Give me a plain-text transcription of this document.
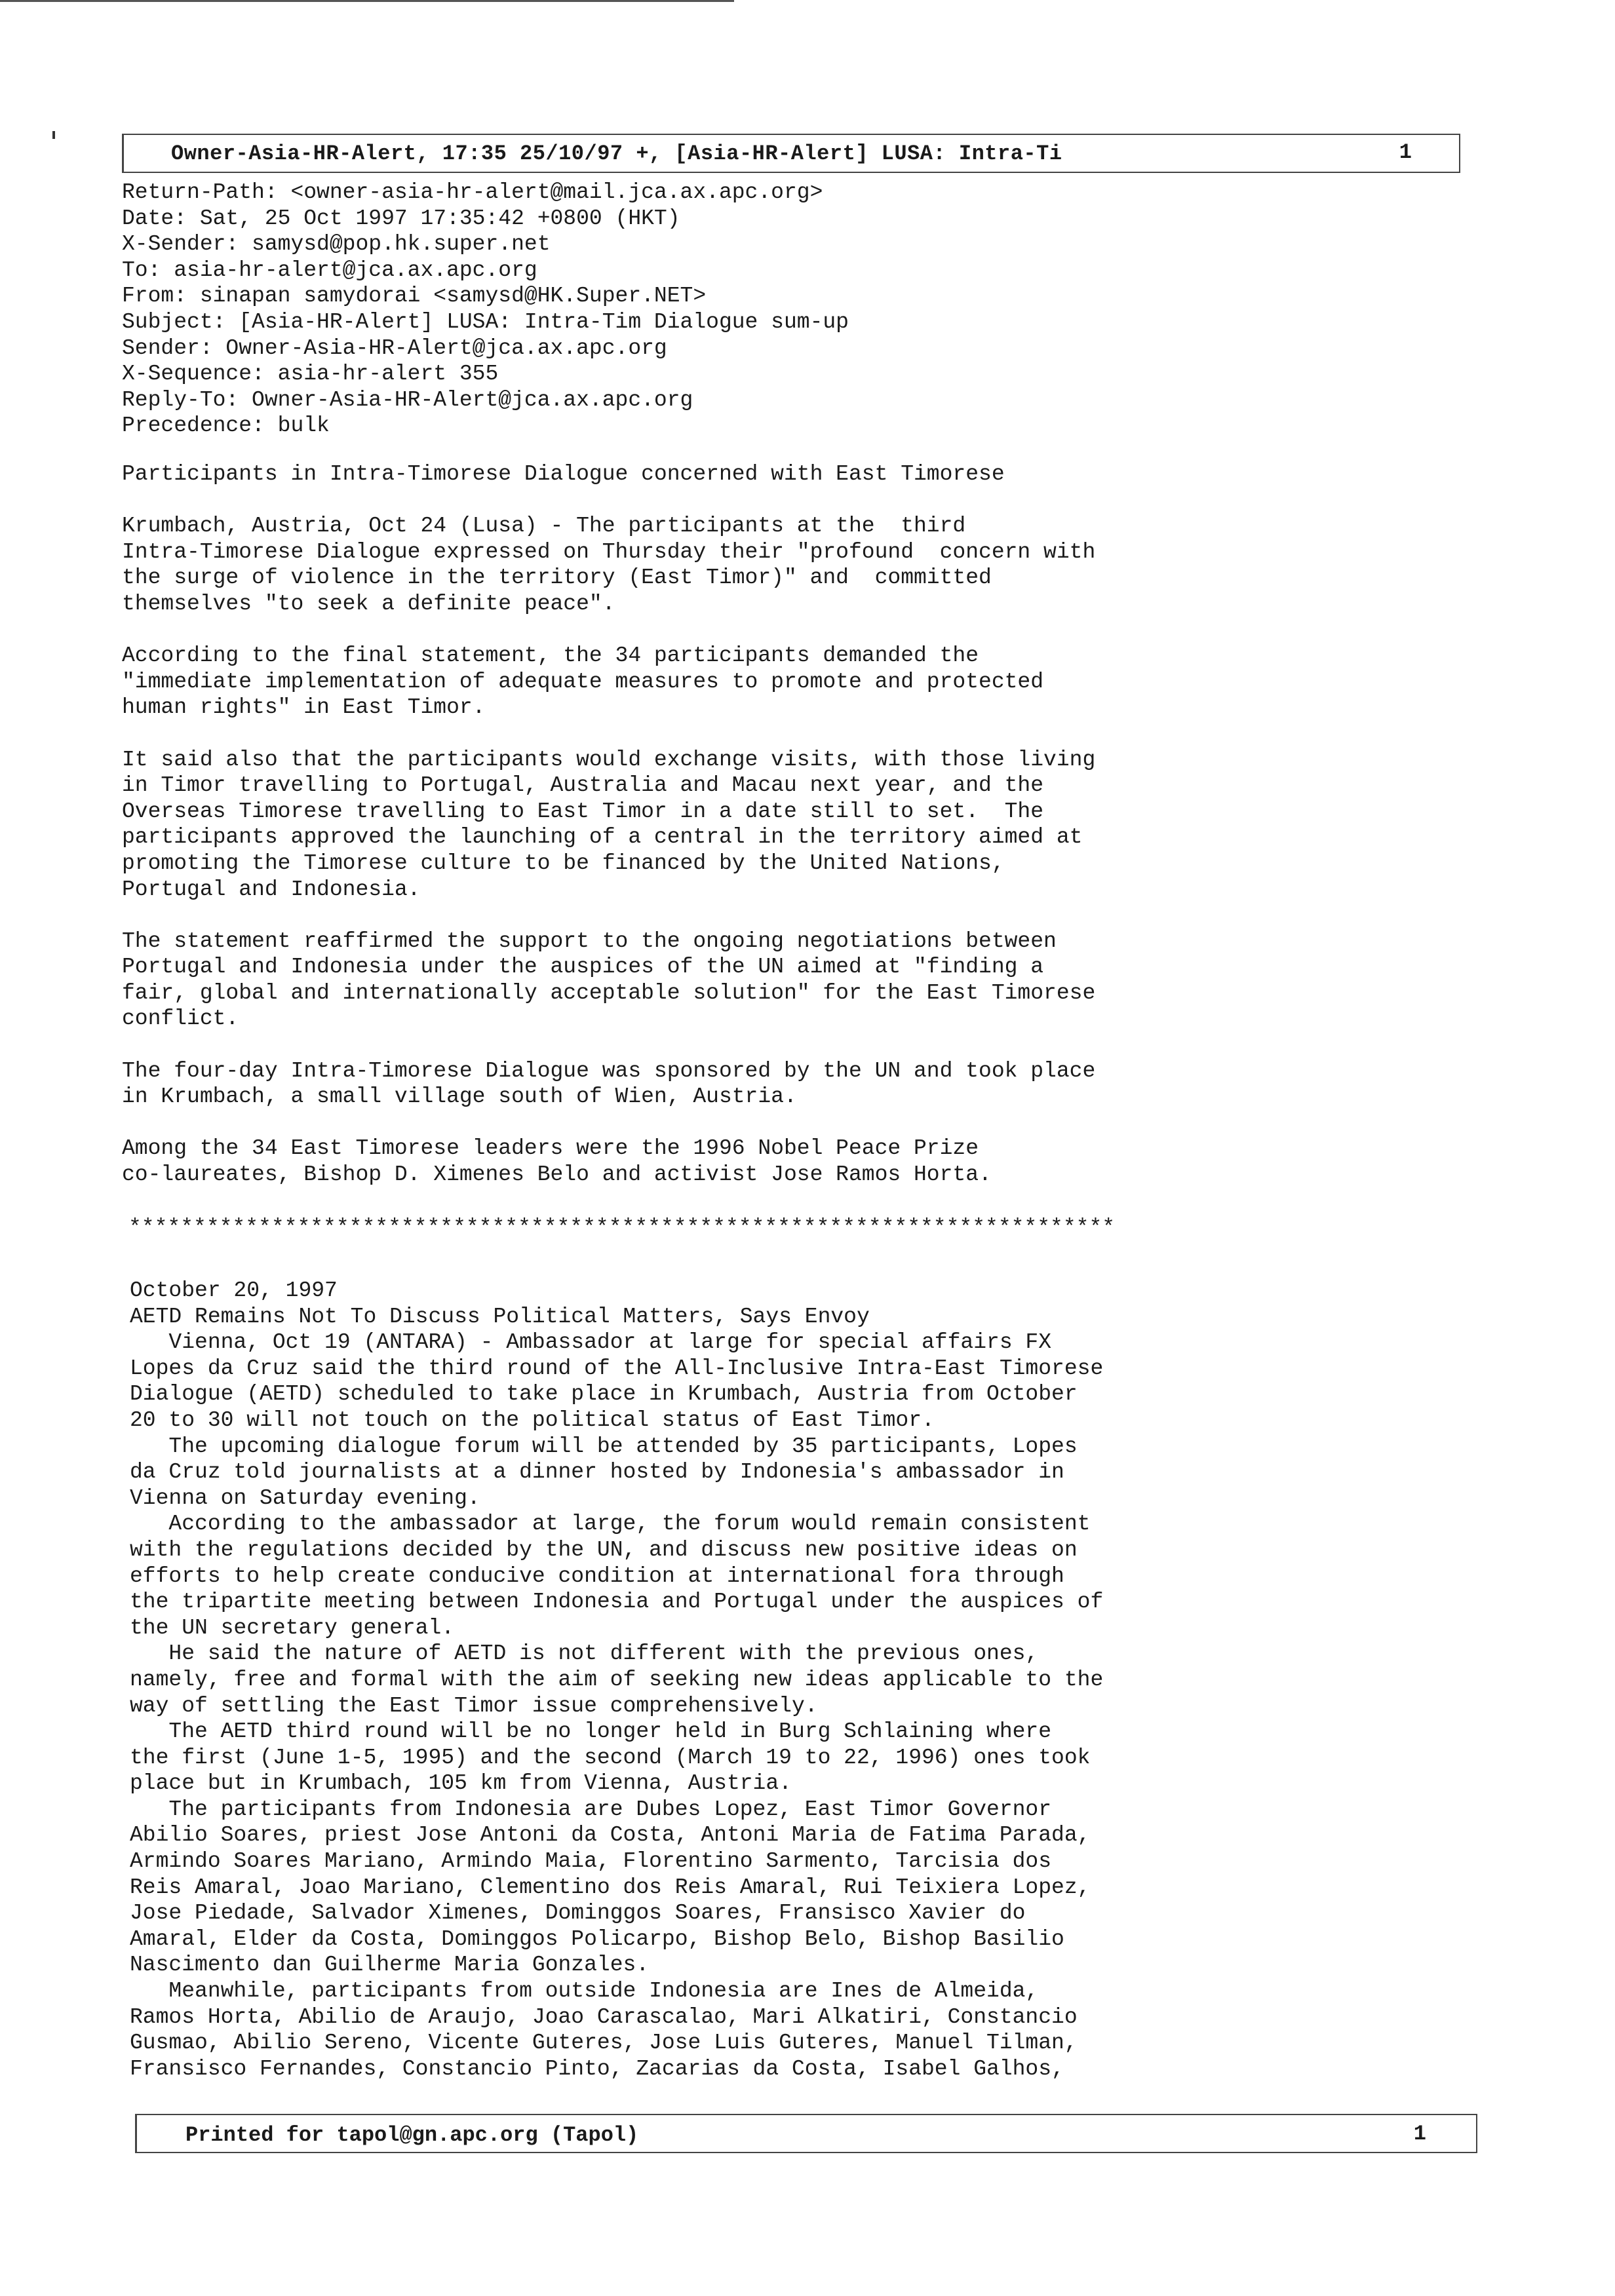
Owner-Asia-HR-Alert, 17:35 25/10/97 +, [Asia-HR-Alert] LUSA: Intra-Ti	1
Return-Path: <owner-asia-hr-alert@mail.jca.ax.apc.org>
Date: Sat, 25 Oct 1997 17:35:42 +0800 (HKT)
X-Sender: samysd@pop.hk.super.net
To: asia-hr-alert@jca.ax.apc.org
From: sinapan samydorai <samysd@HK.Super.NET>
Subject: [Asia-HR-Alert] LUSA: Intra-Tim Dialogue sum-up
Sender: Owner-Asia-HR-Alert@jca.ax.apc.org
X-Sequence: asia-hr-alert 355
Reply-To: Owner-Asia-HR-Alert@jca.ax.apc.org
Precedence: bulk
Participants in Intra-Timorese Dialogue concerned with East Timorese
Krumbach, Austria, Oct 24 (Lusa) - The participants at the  third
Intra-Timorese Dialogue expressed on Thursday their "profound  concern with
the surge of violence in the territory (East Timor)" and  committed
themselves "to seek a definite peace".
According to the final statement, the 34 participants demanded the
"immediate implementation of adequate measures to promote and protected
human rights" in East Timor.
It said also that the participants would exchange visits, with those living
in Timor travelling to Portugal, Australia and Macau next year, and the
Overseas Timorese travelling to East Timor in a date still to set.  The
participants approved the launching of a central in the territory aimed at
promoting the Timorese culture to be financed by the United Nations,
Portugal and Indonesia.
The statement reaffirmed the support to the ongoing negotiations between
Portugal and Indonesia under the auspices of the UN aimed at "finding a
fair, global and internationally acceptable solution" for the East Timorese
conflict.
The four-day Intra-Timorese Dialogue was sponsored by the UN and took place
in Krumbach, a small village south of Wien, Austria.
Among the 34 East Timorese leaders were the 1996 Nobel Peace Prize
co-laureates, Bishop D. Ximenes Belo and activist Jose Ramos Horta.
****************************************************************************
October 20, 1997
AETD Remains Not To Discuss Political Matters, Says Envoy
Vienna, Oct 19 (ANTARA) - Ambassador at large for special affairs FX
Lopes da Cruz said the third round of the All-Inclusive Intra-East Timorese
Dialogue (AETD) scheduled to take place in Krumbach, Austria from October
20 to 30 will not touch on the political status of East Timor.
The upcoming dialogue forum will be attended by 35 participants, Lopes
da Cruz told journalists at a dinner hosted by Indonesia's ambassador in
Vienna on Saturday evening.
According to the ambassador at large, the forum would remain consistent
with the regulations decided by the UN, and discuss new positive ideas on
efforts to help create conducive condition at international fora through
the tripartite meeting between Indonesia and Portugal under the auspices of
the UN secretary general.
He said the nature of AETD is not different with the previous ones,
namely, free and formal with the aim of seeking new ideas applicable to the
way of settling the East Timor issue comprehensively.
The AETD third round will be no longer held in Burg Schlaining where
the first (June 1-5, 1995) and the second (March 19 to 22, 1996) ones took
place but in Krumbach, 105 km from Vienna, Austria.
The participants from Indonesia are Dubes Lopez, East Timor Governor
Abilio Soares, priest Jose Antoni da Costa, Antoni Maria de Fatima Parada,
Armindo Soares Mariano, Armindo Maia, Florentino Sarmento, Tarcisia dos
Reis Amaral, Joao Mariano, Clementino dos Reis Amaral, Rui Teixiera Lopez,
Jose Piedade, Salvador Ximenes, Dominggos Soares, Fransisco Xavier do
Amaral, Elder da Costa, Dominggos Policarpo, Bishop Belo, Bishop Basilio
Nascimento dan Guilherme Maria Gonzales.
Meanwhile, participants from outside Indonesia are Ines de Almeida,
Ramos Horta, Abilio de Araujo, Joao Carascalao, Mari Alkatiri, Constancio
Gusmao, Abilio Sereno, Vicente Guteres, Jose Luis Guteres, Manuel Tilman,
Fransisco Fernandes, Constancio Pinto, Zacarias da Costa, Isabel Galhos,
Printed for tapol@gn.apc.org (Tapol)	1
